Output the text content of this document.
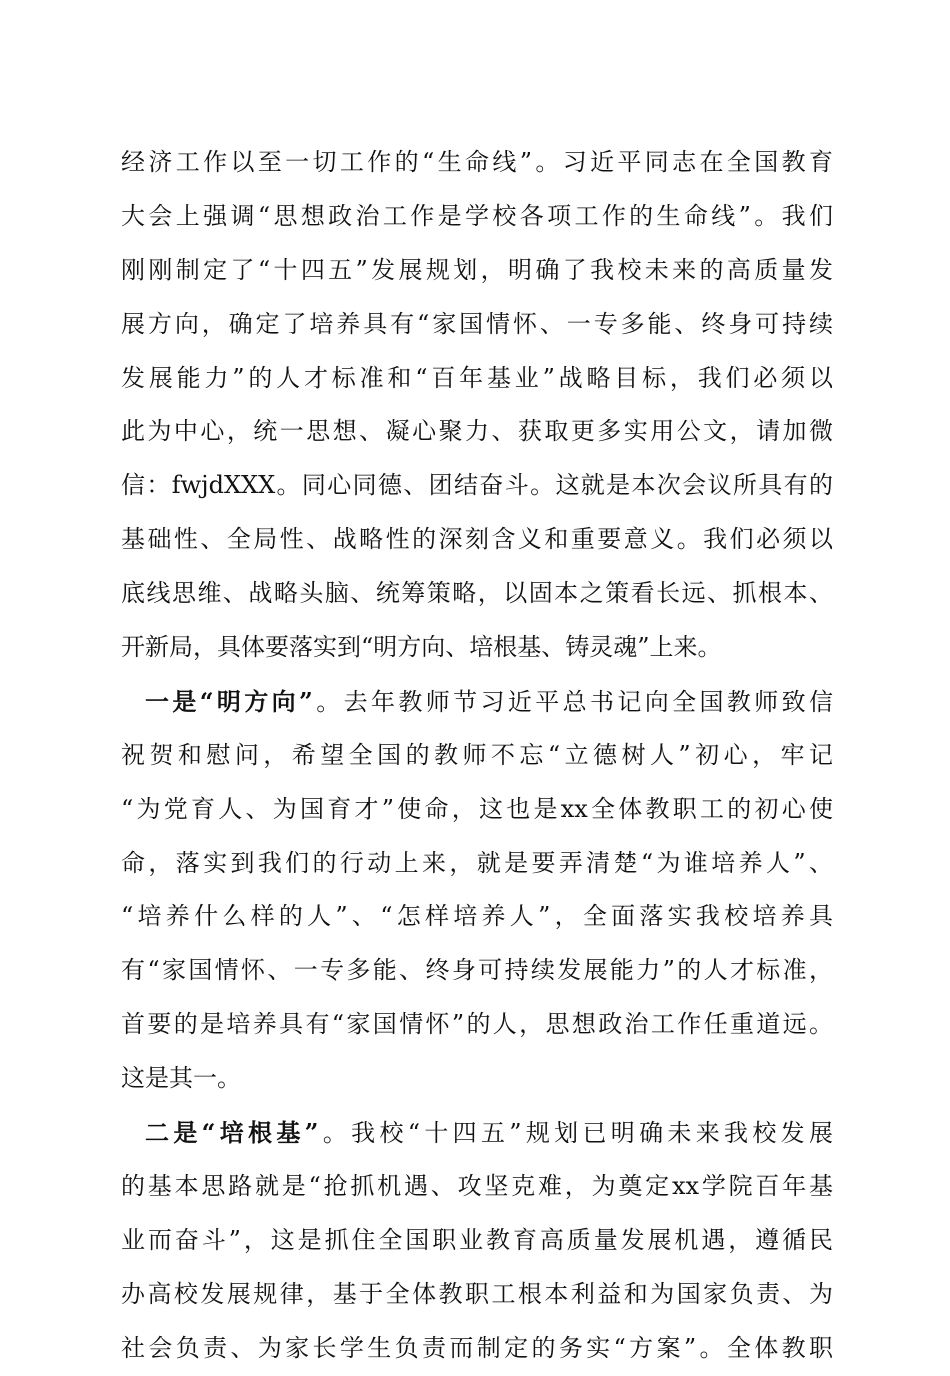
经济工作以至一切工作的“生命线”。习近平同志在全国教育
大会上强调“思想政治工作是学校各项工作的生命线”。我们
刚刚制定了“十四五”发展规划，明确了我校未来的高质量发
展方向，确定了培养具有“家国情怀、一专多能、终身可持续
发展能力”的人才标准和“百年基业”战略目标，我们必须以
此为中心，统一思想、凝心聚力、获取更多实用公文，请加微
信：fwjdXXX。同心同德、团结奋斗。这就是本次会议所具有的
基础性、全局性、战略性的深刻含义和重要意义。我们必须以
底线思维、战略头脑、统筹策略，以固本之策看长远、抓根本、
开新局，具体要落实到“明方向、培根基、铸灵魂”上来。
一是“明方向”。去年教师节习近平总书记向全国教师致信
祝贺和慰问，希望全国的教师不忘“立德树人”初心，牢记
“为党育人、为国育才”使命，这也是xx全体教职工的初心使
命，落实到我们的行动上来，就是要弄清楚“为谁培养人”、
“培养什么样的人”、“怎样培养人”，全面落实我校培养具
有“家国情怀、一专多能、终身可持续发展能力”的人才标准，
首要的是培养具有“家国情怀”的人，思想政治工作任重道远。
这是其一。
二是“培根基”。我校“十四五”规划已明确未来我校发展
的基本思路就是“抢抓机遇、攻坚克难，为奠定xx学院百年基
业而奋斗”，这是抓住全国职业教育高质量发展机遇，遵循民
办高校发展规律，基于全体教职工根本利益和为国家负责、为
社会负责、为家长学生负责而制定的务实“方案”。全体教职
